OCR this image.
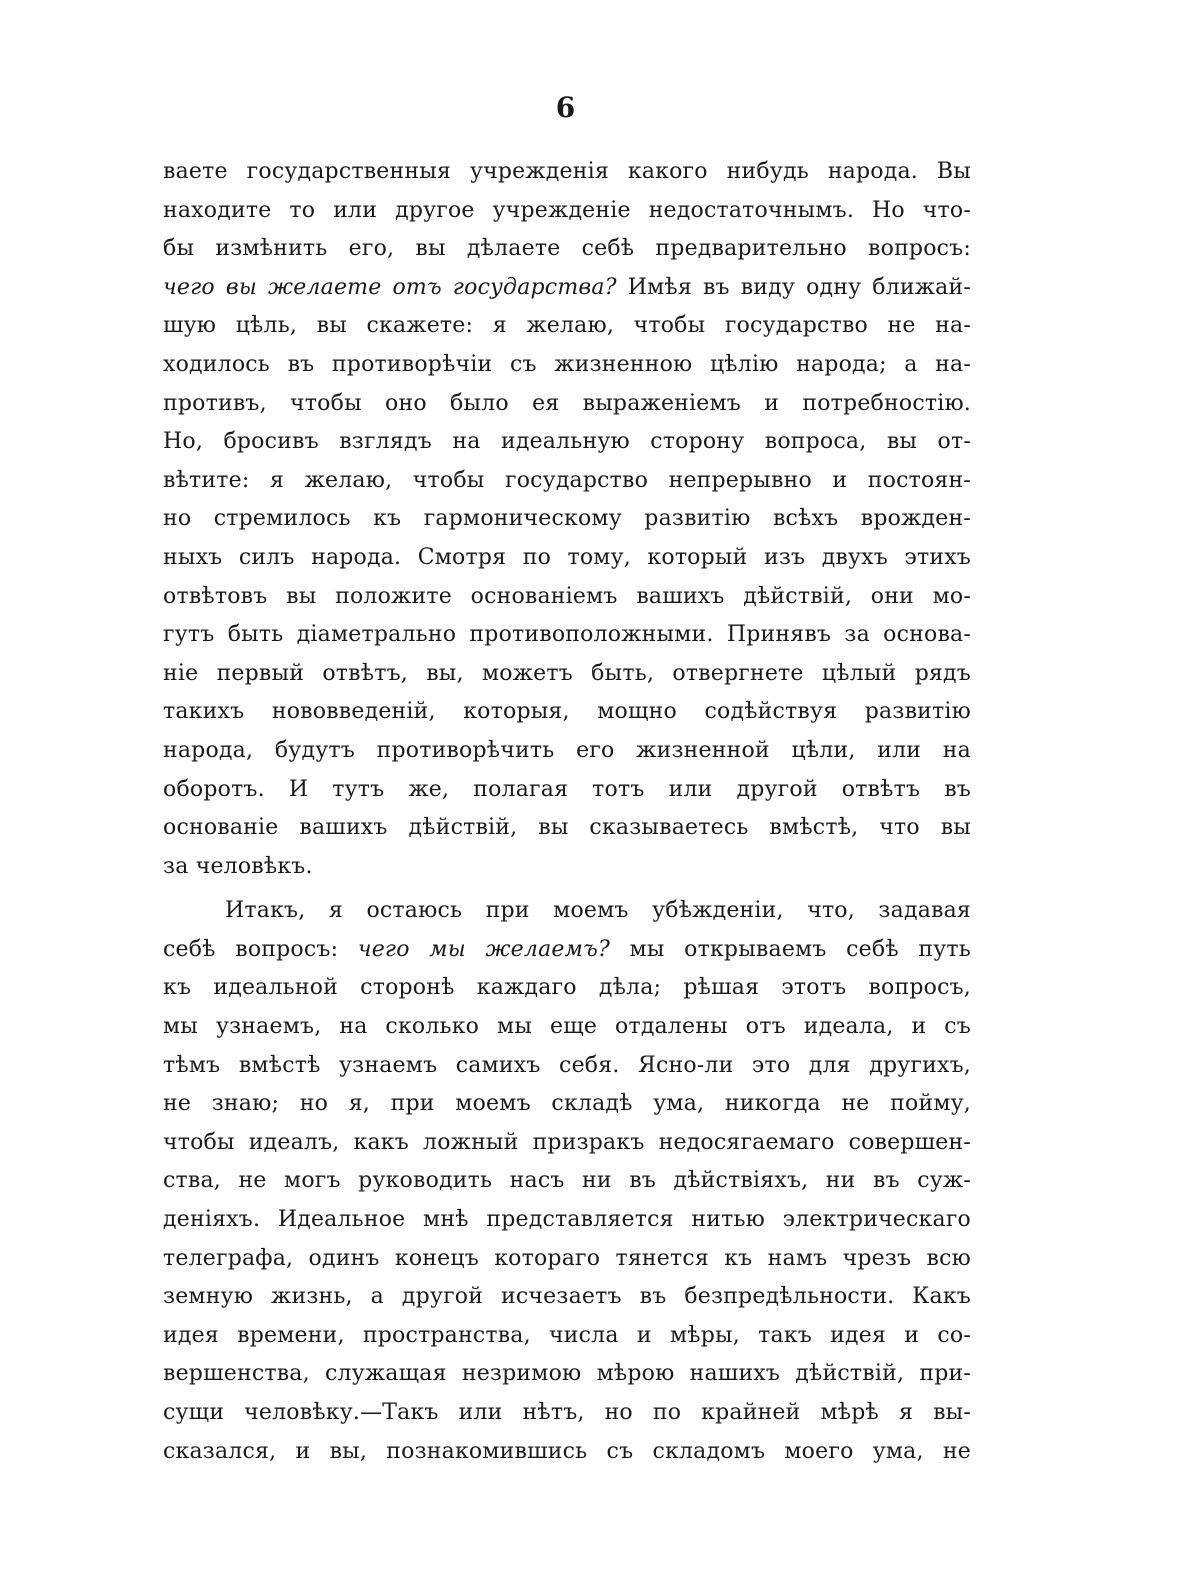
6
ваете государственныя учрежденія какого нибудь народа. Вы
находите то или другое учрежденіе недостаточнымъ. Но что-
бы измѣнить его, вы дѣлаете себѣ предварительно вопросъ:
чего вы желаете отъ государства? Имѣя въ виду одну ближай-
шую цѣль, вы скажете: я желаю, чтобы государство не на-
ходилось въ противорѣчіи съ жизненною цѣлію народа; а на-
противъ, чтобы оно было ея выраженіемъ и потребностію.
Но, бросивъ взглядъ на идеальную сторону вопроса, вы от-
вѣтите: я желаю, чтобы государство непрерывно и постоян-
но стремилось къ гармоническому развитію всѣхъ врожден-
ныхъ силъ народа. Смотря по тому, который изъ двухъ этихъ
отвѣтовъ вы положите основаніемъ вашихъ дѣйствій, они мо-
гутъ быть діаметрально противоположными. Принявъ за основа-
ніе первый отвѣтъ, вы, можетъ быть, отвергнете цѣлый рядъ
такихъ нововведеній, которыя, мощно содѣйствуя развитію
народа, будутъ противорѣчить его жизненной цѣли, или на
оборотъ. И тутъ же, полагая тотъ или другой отвѣтъ въ
основаніе вашихъ дѣйствій, вы сказываетесь вмѣстѣ, что вы
за человѣкъ.
Итакъ, я остаюсь при моемъ убѣжденіи, что, задавая
себѣ вопросъ: чего мы желаемъ? мы открываемъ себѣ путь
къ идеальной сторонѣ каждаго дѣла; рѣшая этотъ вопросъ,
мы узнаемъ, на сколько мы еще отдалены отъ идеала, и съ
тѣмъ вмѣстѣ узнаемъ самихъ себя. Ясно-ли это для другихъ,
не знаю; но я, при моемъ складѣ ума, никогда не пойму,
чтобы идеалъ, какъ ложный призракъ недосягаемаго совершен-
ства, не могъ руководить насъ ни въ дѣйствіяхъ, ни въ суж-
деніяхъ. Идеальное мнѣ представляется нитью электрическаго
телеграфа, одинъ конецъ котораго тянется къ намъ чрезъ всю
земную жизнь, а другой исчезаетъ въ безпредѣльности. Какъ
идея времени, пространства, числа и мѣры, такъ идея и со-
вершенства, служащая незримою мѣрою нашихъ дѣйствій, при-
сущи человѣку.—Такъ или нѣтъ, но по крайней мѣрѣ я вы-
сказался, и вы, познакомившись съ складомъ моего ума, не
